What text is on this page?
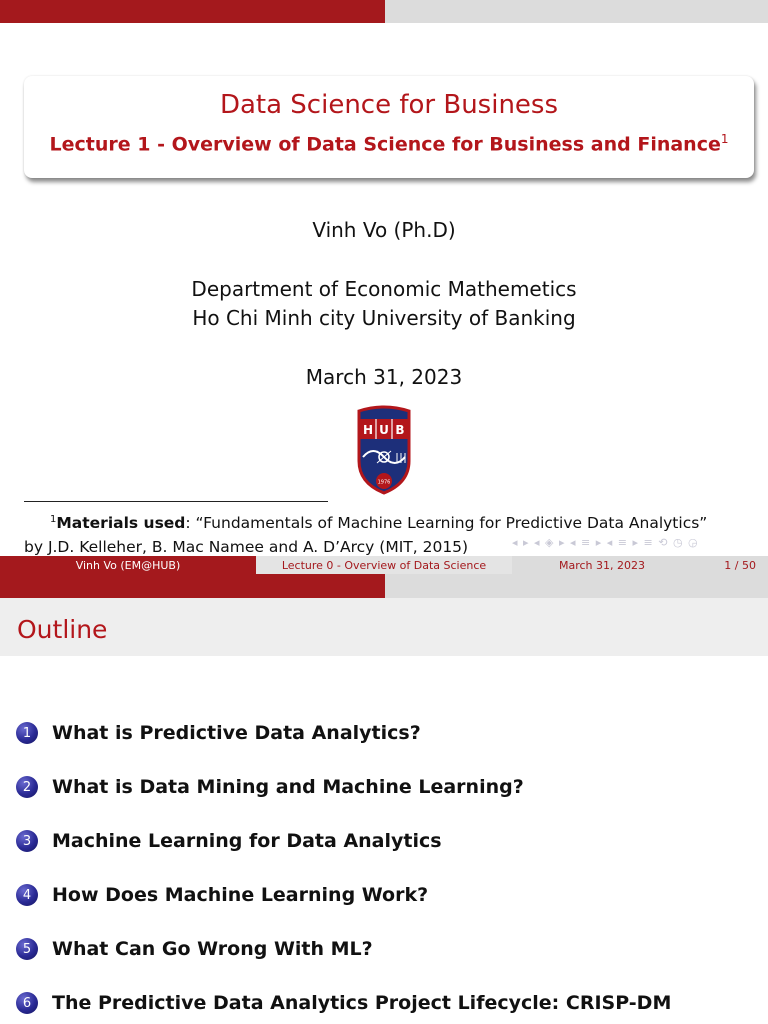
Data Science for Business
Lecture 1 - Overview of Data Science for Business and Finance$^1$
Vinh Vo (Ph.D)
Department of Economic Mathemetics
Ho Chi Minh city University of Banking
March 31, 2023
H U B
1976
$^1$Materials used: “Fundamentals of Machine Learning for Predictive Data Analytics”
by J.D. Kelleher, B. Mac Namee and A. D’Arcy (MIT, 2015)	◂ ▸ ◂ ◈ ▸ ◂ ≡ ▸ ◂ ≡ ▸ ≡ ⟲ ◷ ◶
Vinh Vo (EM@HUB)	Lecture 0 - Overview of Data Science	March 31, 2023	1 / 50
Outline
1	What is Predictive Data Analytics?
2	What is Data Mining and Machine Learning?
3	Machine Learning for Data Analytics
4	How Does Machine Learning Work?
5	What Can Go Wrong With ML?
6	The Predictive Data Analytics Project Lifecycle: CRISP-DM
